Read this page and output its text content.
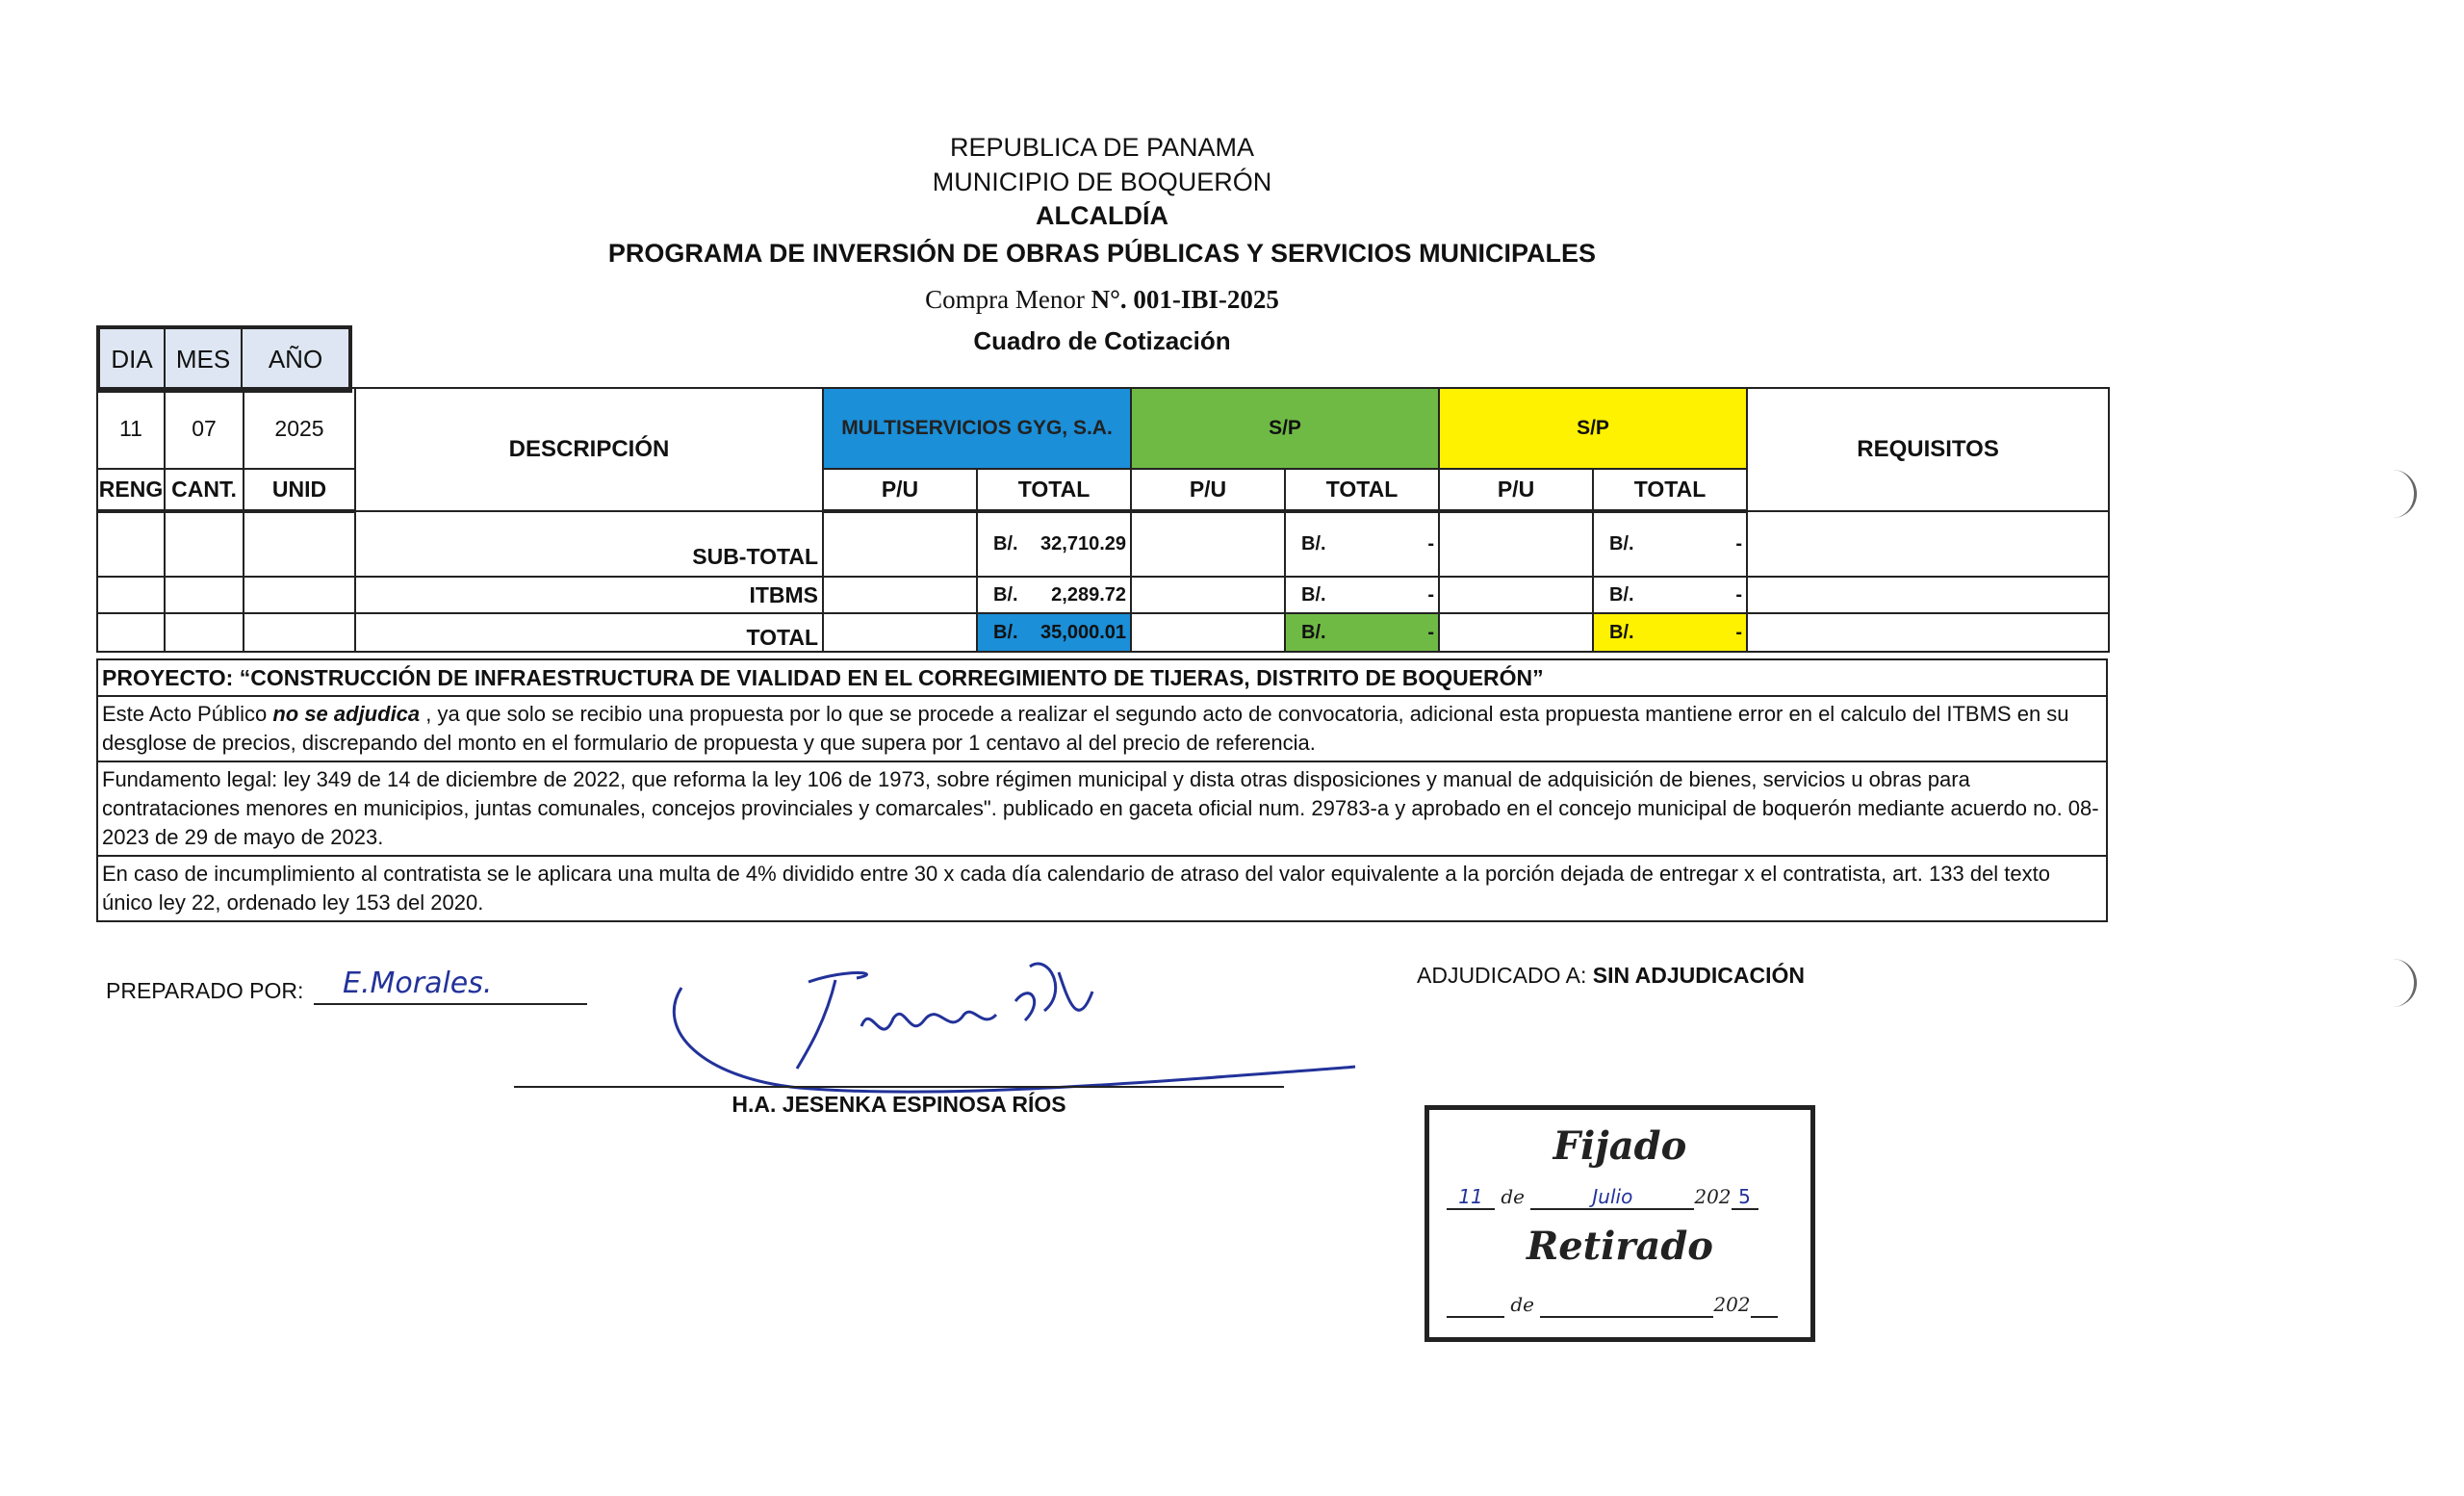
REPUBLICA DE PANAMA
MUNICIPIO DE BOQUERÓN
ALCALDÍA
PROGRAMA DE INVERSIÓN DE OBRAS PÚBLICAS Y SERVICIOS MUNICIPALES
Compra Menor N°. 001-IBI-2025
Cuadro de Cotización
DIA	MES	AÑO
11	07	2025	DESCRIPCIÓN	MULTISERVICIOS GYG, S.A.		S/P		S/P		REQUISITOS
RENG	CANT.	UNID		P/U	TOTAL	P/U	TOTAL	P/U	TOTAL	
			SUB-TOTAL		B/. 32,710.29		B/. -		B/. -	

			ITBMS		B/. 2,289.72		B/. -		B/. -	

			TOTAL		B/. 35,000.01		B/. -		B/. -	

PROYECTO: “CONSTRUCCIÓN DE INFRAESTRUCTURA DE VIALIDAD EN EL CORREGIMIENTO DE TIJERAS, DISTRITO DE BOQUERÓN”
Este Acto Público no se adjudica , ya que solo se recibio una propuesta por lo que se procede a realizar el segundo acto de convocatoria, adicional esta propuesta mantiene error en el calculo del ITBMS en su desglose de precios, discrepando del monto en el formulario de propuesta y que supera por 1 centavo al del precio de referencia.
Fundamento legal: ley 349 de 14 de diciembre de 2022, que reforma la ley 106 de 1973, sobre régimen municipal y dista otras disposiciones y manual de adquisición de bienes, servicios u obras para contrataciones menores en municipios, juntas comunales, concejos provinciales y comarcales". publicado en gaceta oficial num. 29783-a y aprobado en el concejo municipal de boquerón mediante acuerdo no. 08-2023 de 29 de mayo de 2023.
En caso de incumplimiento al contratista se le aplicara una multa de 4% dividido entre 30 x cada día calendario de atraso del valor equivalente a la porción dejada de entregar x el contratista, art. 133 del texto único ley 22, ordenado ley 153 del 2020.
PREPARADO POR: E.Morales.
H.A. JESENKA ESPINOSA RÍOS
ADJUDICADO A: SIN ADJUDICACIÓN
Fijado
11 de	Julio	202 5
Retirado
de	202
